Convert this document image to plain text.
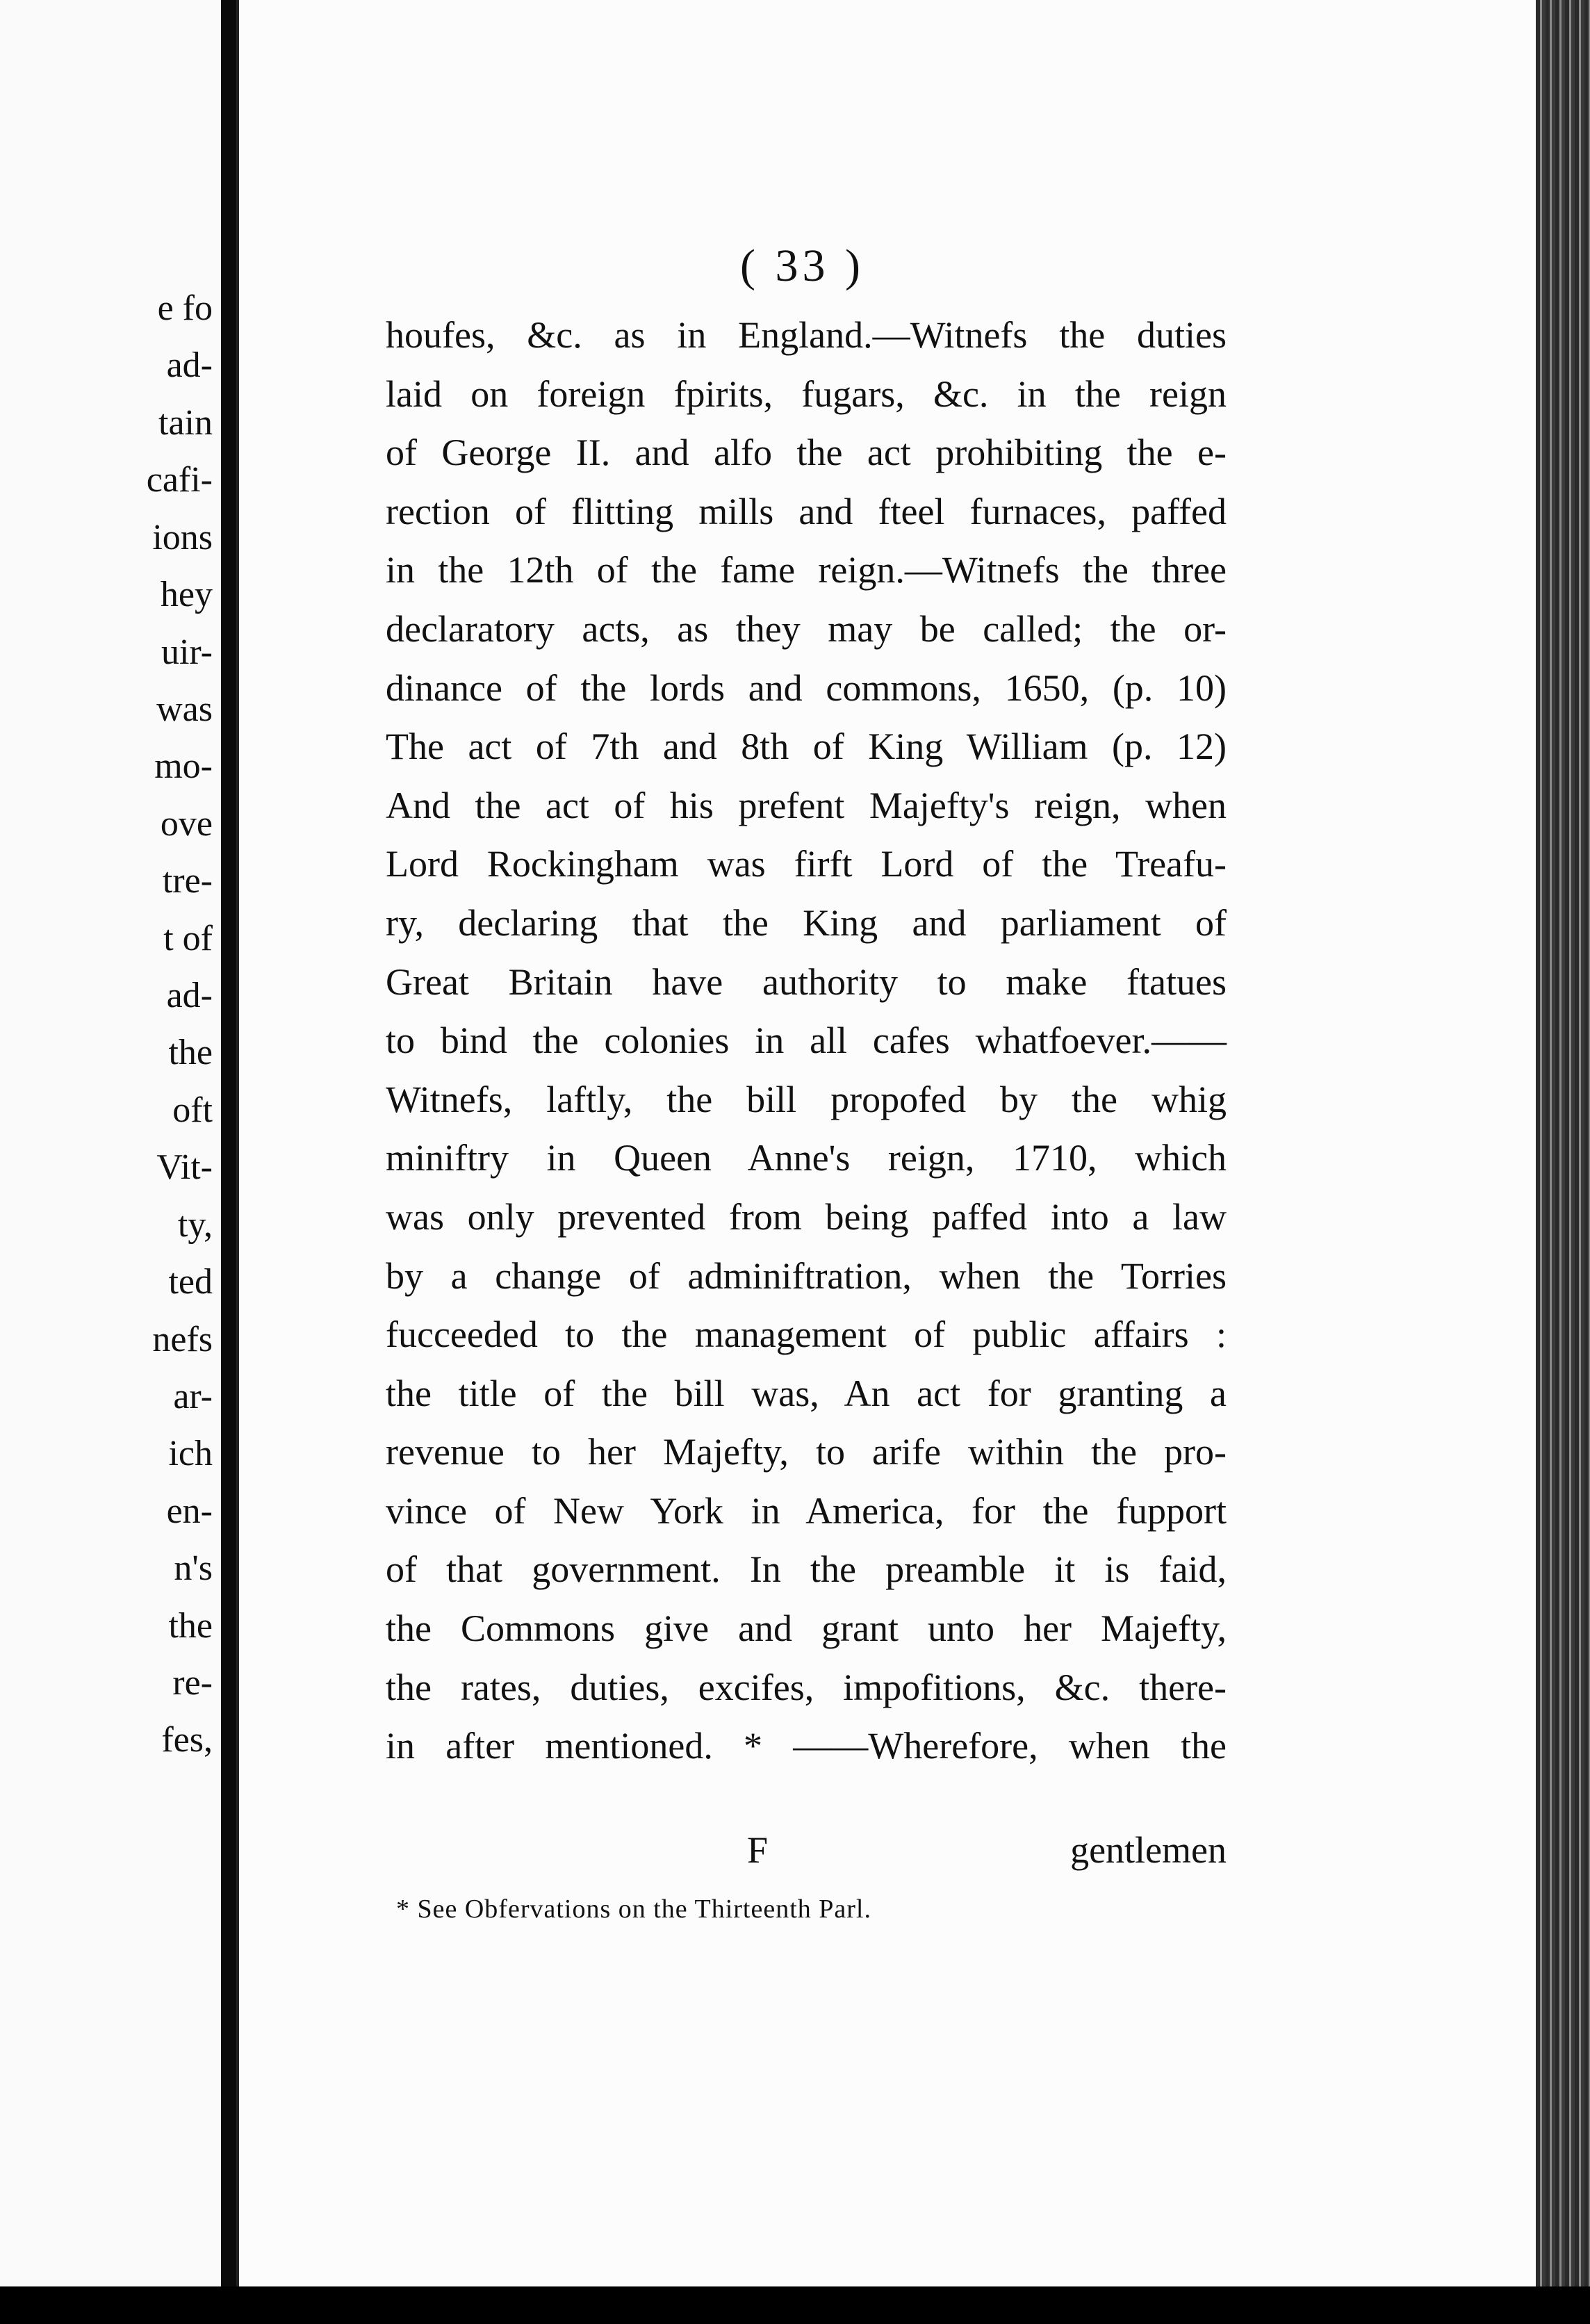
e fo
ad-
tain
cafi-
ions
hey
uir-
was
mo-
ove
tre-
t of
ad-
the
oft
Vit-
ty,
ted
nefs
ar-
ich
en-
n's
the
re-
fes,
( 33 )
houfes, &c. as in England.—Witnefs the duties
laid on foreign fpirits, fugars, &c. in the reign
of George II. and alfo the act prohibiting the e-
rection of flitting mills and fteel furnaces, paffed
in the 12th of the fame reign.—Witnefs the three
declaratory acts, as they may be called; the or-
dinance of the lords and commons, 1650, (p. 10)
The act of 7th and 8th of King William (p. 12)
And the act of his prefent Majefty's reign, when
Lord Rockingham was firft Lord of the Treafu-
ry, declaring that the King and parliament of
Great Britain have authority to make ftatues
to bind the colonies in all cafes whatfoever.——
Witnefs, laftly, the bill propofed by the whig
miniftry in Queen Anne's reign, 1710, which
was only prevented from being paffed into a law
by a change of adminiftration, when the Torries
fucceeded to the management of public affairs :
the title of the bill was, An act for granting a
revenue to her Majefty, to arife within the pro-
vince of New York in America, for the fupport
of that government. In the preamble it is faid,
the Commons give and grant unto her Majefty,
the rates, duties, excifes, impofitions, &c. there-
in after mentioned. * ——Wherefore, when the
F	gentlemen
* See Obfervations on the Thirteenth Parl.
